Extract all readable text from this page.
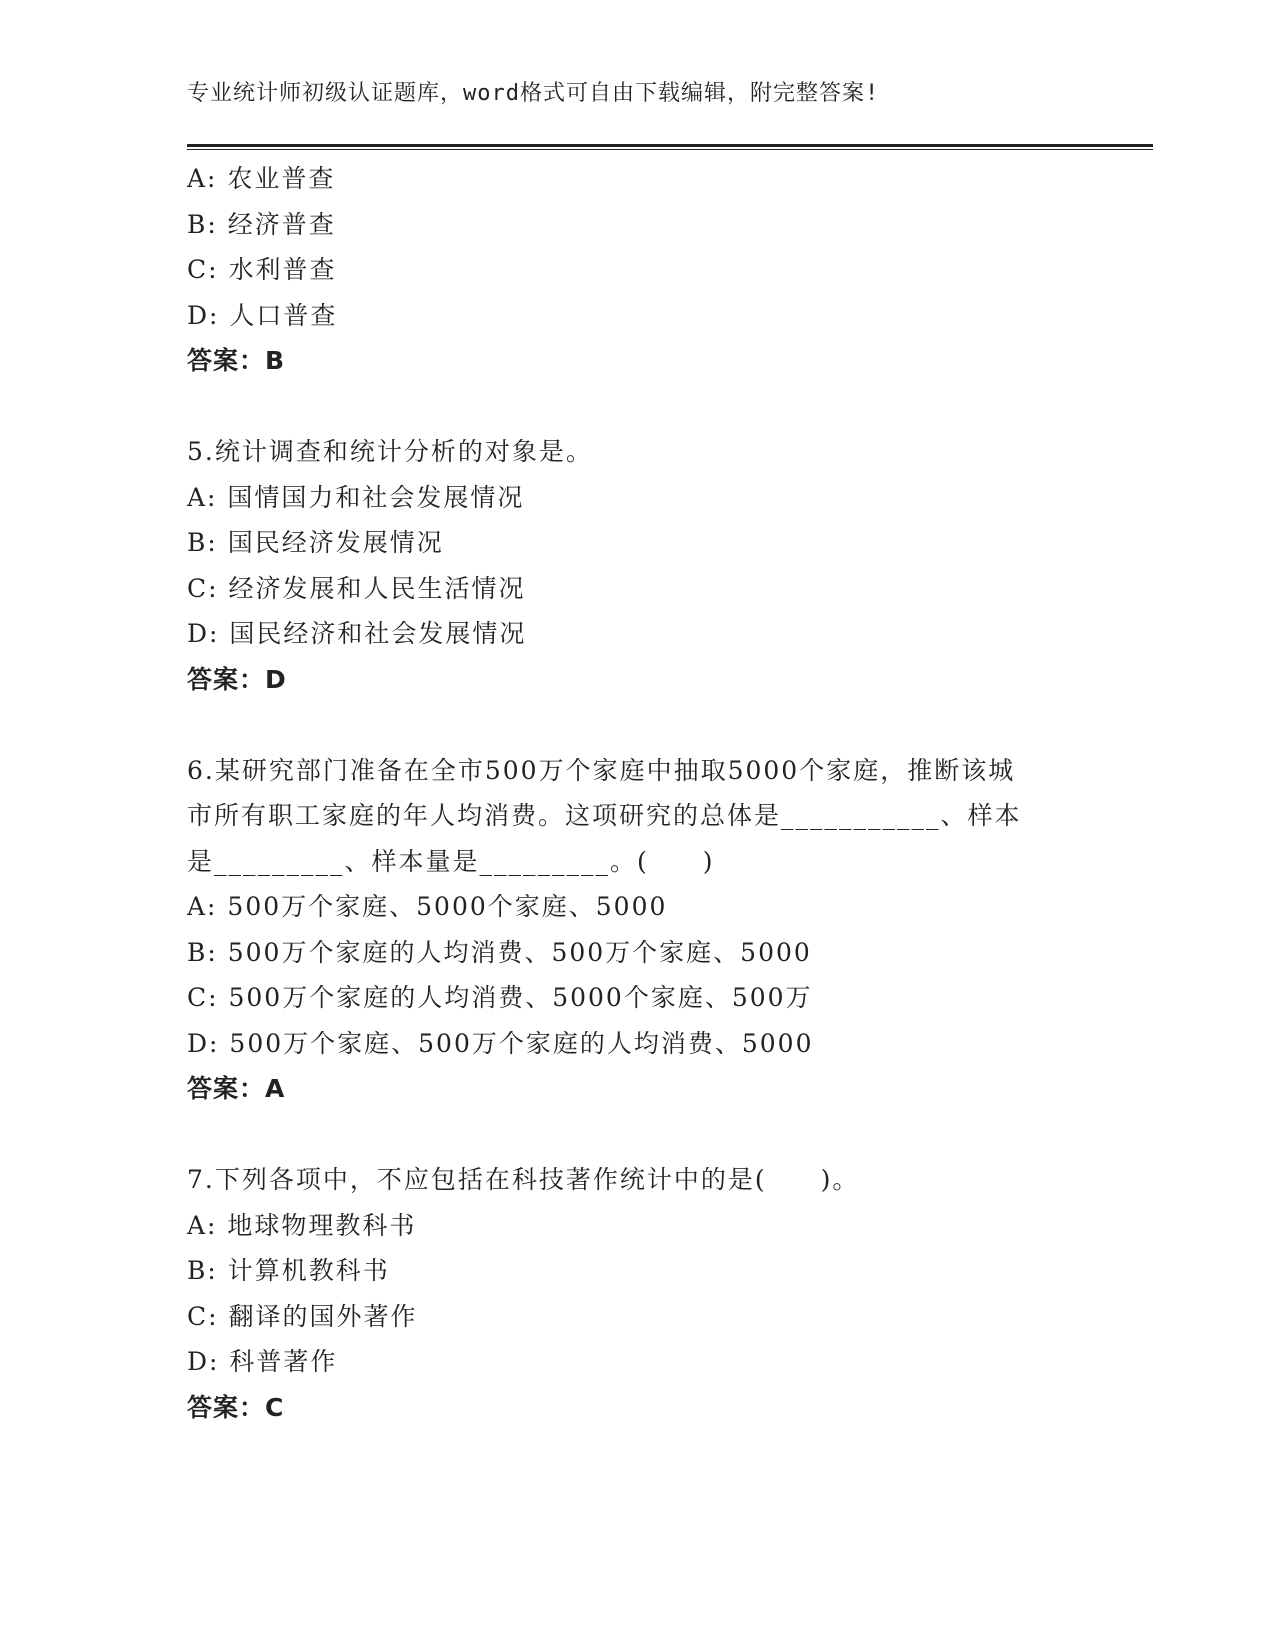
专业统计师初级认证题库，word格式可自由下载编辑，附完整答案!
A: 农业普查
B: 经济普查
C: 水利普查
D: 人口普查
答案：B
5.统计调查和统计分析的对象是。
A: 国情国力和社会发展情况
B: 国民经济发展情况
C: 经济发展和人民生活情况
D: 国民经济和社会发展情况
答案：D
6.某研究部门准备在全市500万个家庭中抽取5000个家庭，推断该城
市所有职工家庭的年人均消费。这项研究的总体是___________、样本
是_________、样本量是_________。(　　)
A: 500万个家庭、5000个家庭、5000
B: 500万个家庭的人均消费、500万个家庭、5000
C: 500万个家庭的人均消费、5000个家庭、500万
D: 500万个家庭、500万个家庭的人均消费、5000
答案：A
7.下列各项中，不应包括在科技著作统计中的是(　　)。
A: 地球物理教科书
B: 计算机教科书
C: 翻译的国外著作
D: 科普著作
答案：C
